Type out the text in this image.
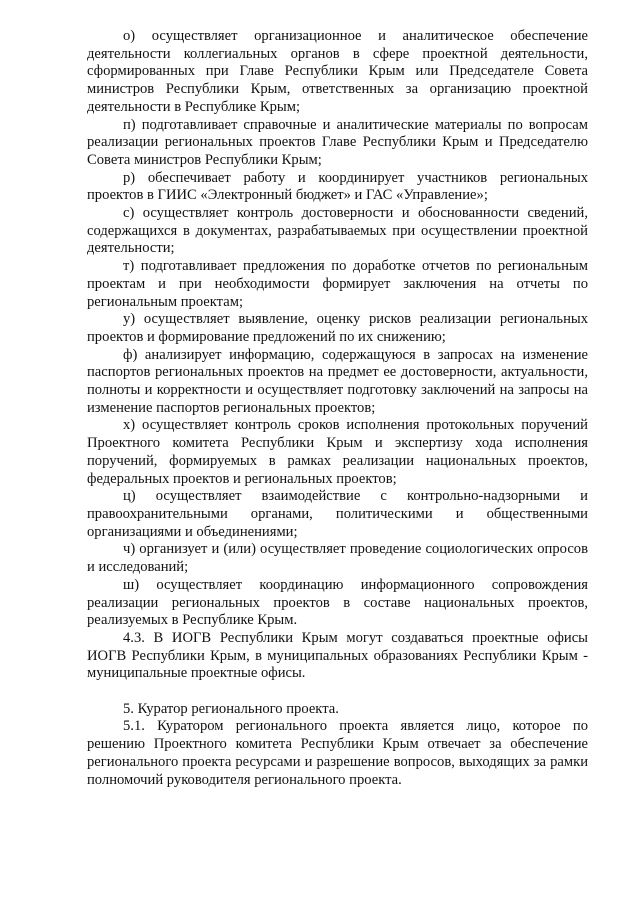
о) осуществляет организационное и аналитическое обеспечение деятельности коллегиальных органов в сфере проектной деятельности, сформированных при Главе Республики Крым или Председателе Совета министров Республики Крым, ответственных за организацию проектной деятельности в Республике Крым;

п) подготавливает справочные и аналитические материалы по вопросам реализации региональных проектов Главе Республики Крым и Председателю Совета министров Республики Крым;

р) обеспечивает работу и координирует участников региональных проектов в ГИИС «Электронный бюджет» и ГАС «Управление»;

с) осуществляет контроль достоверности и обоснованности сведений, содержащихся в документах, разрабатываемых при осуществлении проектной деятельности;

т) подготавливает предложения по доработке отчетов по региональным проектам и при необходимости формирует заключения на отчеты по региональным проектам;

у) осуществляет выявление, оценку рисков реализации региональных проектов и формирование предложений по их снижению;

ф) анализирует информацию, содержащуюся в запросах на изменение паспортов региональных проектов на предмет ее достоверности, актуальности, полноты и корректности и осуществляет подготовку заключений на запросы на изменение паспортов региональных проектов;

х) осуществляет контроль сроков исполнения протокольных поручений Проектного комитета Республики Крым и экспертизу хода исполнения поручений, формируемых в рамках реализации национальных проектов, федеральных проектов и региональных проектов;

ц) осуществляет взаимодействие с контрольно-надзорными и правоохранительными органами, политическими и общественными организациями и объединениями;

ч) организует и (или) осуществляет проведение социологических опросов и исследований;

ш) осуществляет координацию информационного сопровождения реализации региональных проектов в составе национальных проектов, реализуемых в Республике Крым.

4.3. В ИОГВ Республики Крым могут создаваться проектные офисы ИОГВ Республики Крым, в муниципальных образованиях Республики Крым - муниципальные проектные офисы.

5. Куратор регионального проекта.

5.1. Куратором регионального проекта является лицо, которое по решению Проектного комитета Республики Крым отвечает за обеспечение регионального проекта ресурсами и разрешение вопросов, выходящих за рамки полномочий руководителя регионального проекта.
